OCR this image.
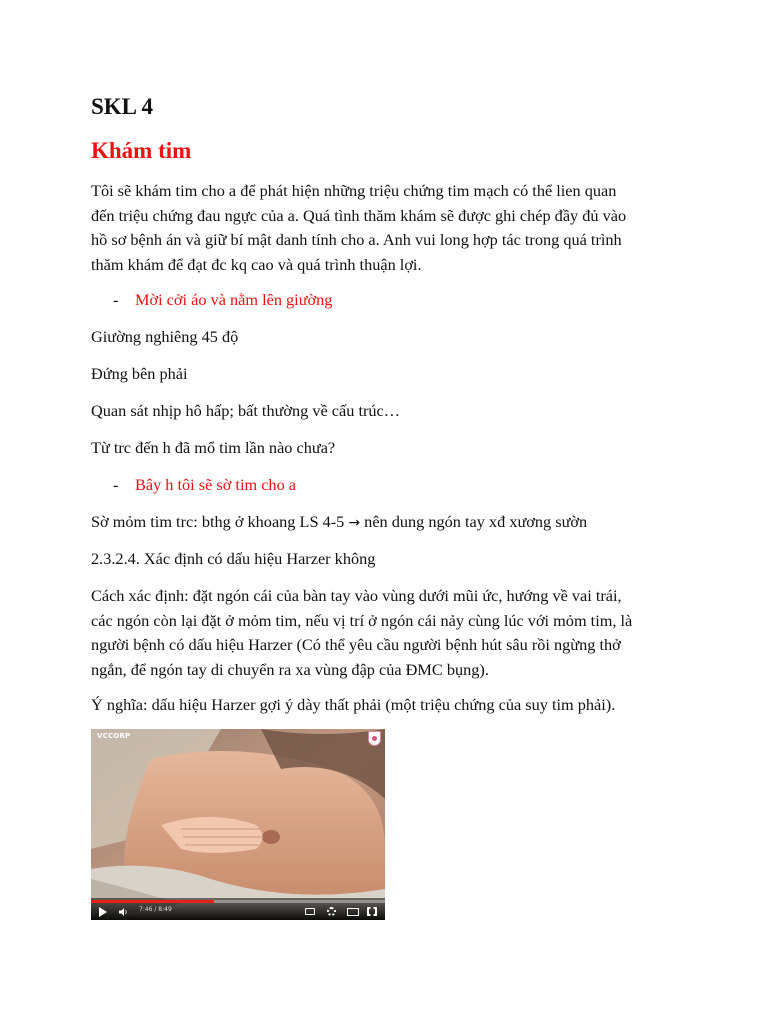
SKL 4
Khám tim

Tôi sẽ khám tim cho a để phát hiện những triệu chứng tim mạch có thể lien quan

đến triệu chứng đau ngực của a. Quá tình thăm khám sẽ được ghi chép đầy đủ vào

hồ sơ bệnh án và giữ bí mật danh tính cho a. Anh vui long hợp tác trong quá trình

thăm khám để đạt đc kq cao và quá trình thuận lợi.

- Mời cởi áo và nằm lên giường

Giường nghiêng 45 độ

Đứng bên phải

Quan sát nhịp hô hấp; bất thường về cấu trúc…

Từ trc đến h đã mổ tim lần nào chưa?

- Bây h tôi sẽ sờ tim cho a

Sờ mỏm tim trc: bthg ở khoang LS 4-5 → nên dung ngón tay xđ xương sườn

2.3.2.4. Xác định có dấu hiệu Harzer không

Cách xác định: đặt ngón cái của bàn tay vào vùng dưới mũi ức, hướng về vai trái,

các ngón còn lại đặt ở mỏm tim, nếu vị trí ở ngón cái nảy cùng lúc với mỏm tim, là

người bệnh có dấu hiệu Harzer (Có thể yêu cầu người bệnh hút sâu rồi ngừng thở

ngắn, để ngón tay di chuyển ra xa vùng đập của ĐMC bụng).

Ý nghĩa: dấu hiệu Harzer gợi ý dày thất phải (một triệu chứng của suy tim phải).

VCCORP
7:46 / 8:49
